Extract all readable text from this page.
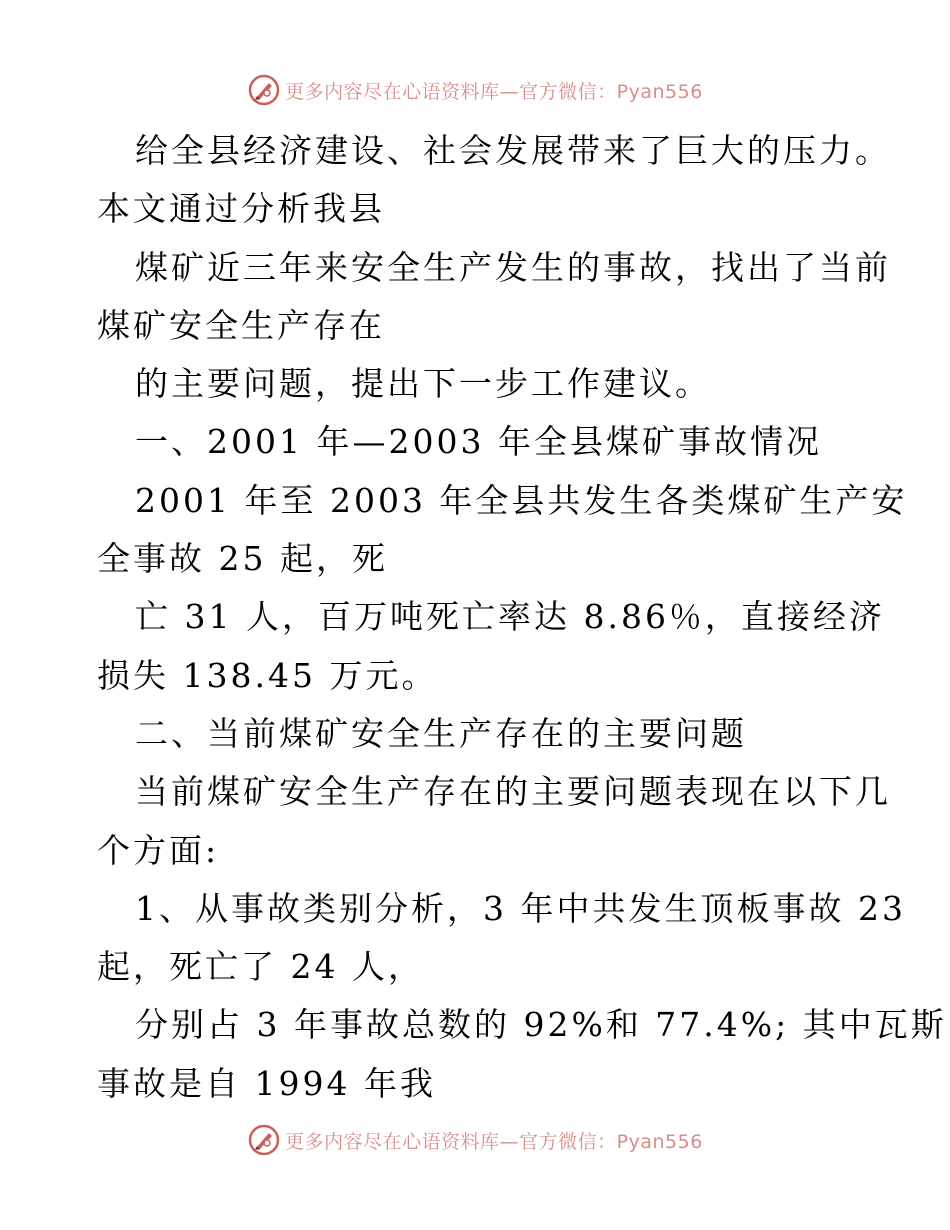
更多内容尽在心语资料库—官方微信：Pyan556
给全县经济建设、社会发展带来了巨大的压力。
本文通过分析我县
煤矿近三年来安全生产发生的事故，找出了当前
煤矿安全生产存在
的主要问题，提出下一步工作建议。
一、2001 年—2003 年全县煤矿事故情况
2001 年至 2003 年全县共发生各类煤矿生产安
全事故 25 起，死
亡 31 人，百万吨死亡率达 8.86％，直接经济
损失 138.45 万元。
二、当前煤矿安全生产存在的主要问题
当前煤矿安全生产存在的主要问题表现在以下几
个方面:
1、从事故类别分析，3 年中共发生顶板事故 23
起，死亡了 24 人，
分别占 3 年事故总数的 92%和 77.4%; 其中瓦斯
事故是自 1994 年我
更多内容尽在心语资料库—官方微信：Pyan556
